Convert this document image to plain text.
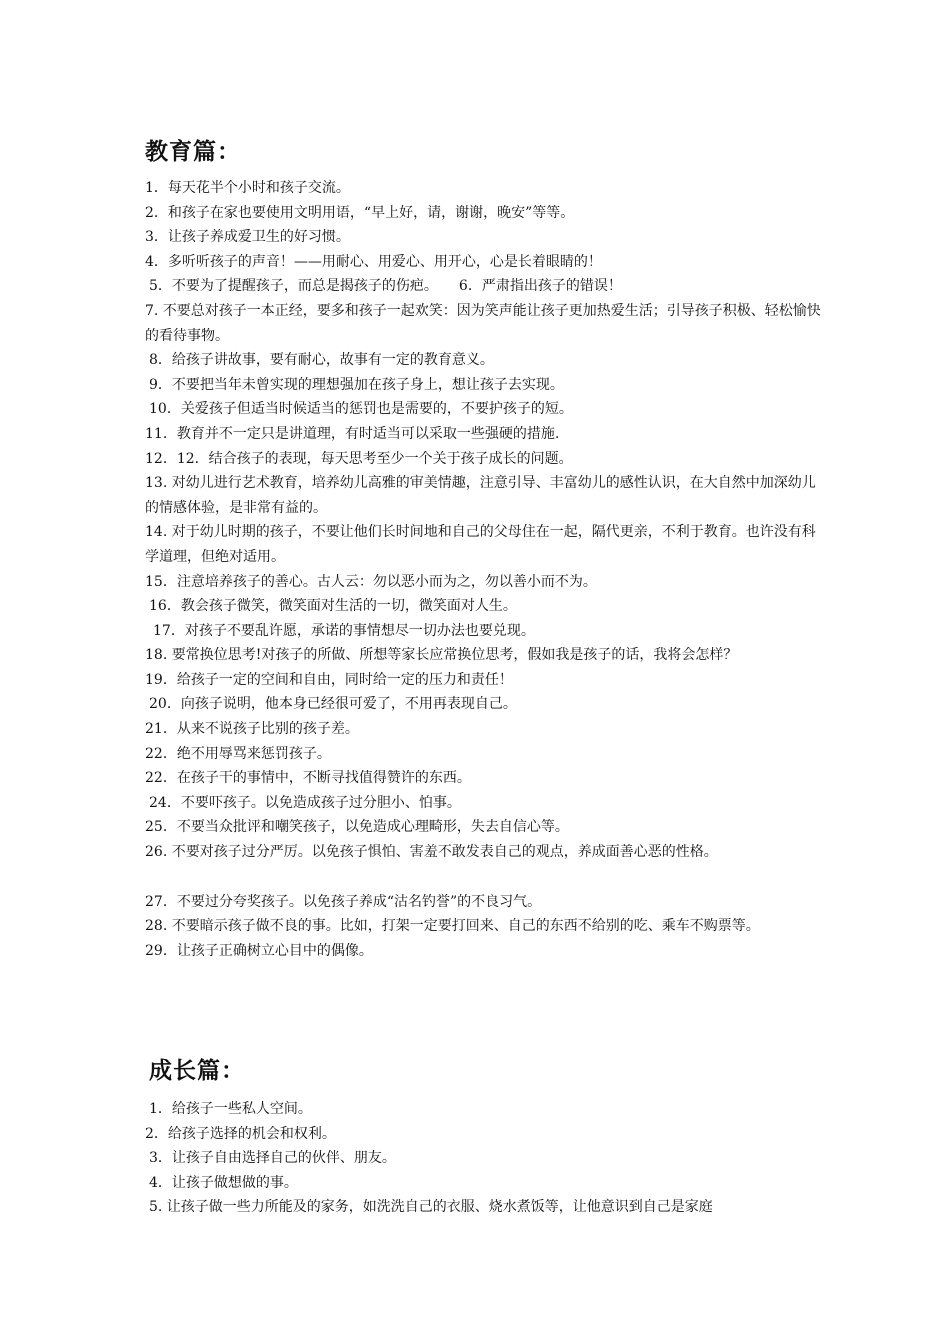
教育篇：
1．每天花半个小时和孩子交流。
2．和孩子在家也要使用文明用语，“早上好，请，谢谢，晚安”等等。
3．让孩子养成爱卫生的好习惯。
4．多听听孩子的声音！——用耐心、用爱心、用开心，心是长着眼睛的！
5．不要为了提醒孩子，而总是揭孩子的伤疤。　　6．严肃指出孩子的错误！
7. 不要总对孩子一本正经，要多和孩子一起欢笑：因为笑声能让孩子更加热爱生活；引导孩子积极、轻松愉快的看待事物。
8．给孩子讲故事，要有耐心，故事有一定的教育意义。
9．不要把当年未曾实现的理想强加在孩子身上，想让孩子去实现。
10．关爱孩子但适当时候适当的惩罚也是需要的，不要护孩子的短。
11．教育并不一定只是讲道理，有时适当可以采取一些强硬的措施.
12．12．结合孩子的表现，每天思考至少一个关于孩子成长的问题。
13. 对幼儿进行艺术教育，培养幼儿高雅的审美情趣，注意引导、丰富幼儿的感性认识，在大自然中加深幼儿的情感体验，是非常有益的。
14. 对于幼儿时期的孩子，不要让他们长时间地和自己的父母住在一起，隔代更亲，不利于教育。也许没有科学道理，但绝对适用。
15．注意培养孩子的善心。古人云：勿以恶小而为之，勿以善小而不为。
16．教会孩子微笑，微笑面对生活的一切，微笑面对人生。
17．对孩子不要乱许愿，承诺的事情想尽一切办法也要兑现。
18. 要常换位思考!对孩子的所做、所想等家长应常换位思考，假如我是孩子的话，我将会怎样？
19．给孩子一定的空间和自由，同时给一定的压力和责任！
20．向孩子说明，他本身已经很可爱了，不用再表现自己。
21．从来不说孩子比别的孩子差。
22．绝不用辱骂来惩罚孩子。
22．在孩子干的事情中，不断寻找值得赞许的东西。
24．不要吓孩子。以免造成孩子过分胆小、怕事。
25．不要当众批评和嘲笑孩子，以免造成心理畸形，失去自信心等。
26. 不要对孩子过分严厉。以免孩子惧怕、害羞不敢发表自己的观点，养成面善心恶的性格。
27．不要过分夸奖孩子。以免孩子养成“沽名钓誉”的不良习气。
28. 不要暗示孩子做不良的事。比如，打架一定要打回来、自己的东西不给别的吃、乘车不购票等。
29．让孩子正确树立心目中的偶像。
成长篇：
1．给孩子一些私人空间。
2．给孩子选择的机会和权利。
3．让孩子自由选择自己的伙伴、朋友。
4．让孩子做想做的事。
5. 让孩子做一些力所能及的家务，如洗洗自己的衣服、烧水煮饭等，让他意识到自己是家庭
